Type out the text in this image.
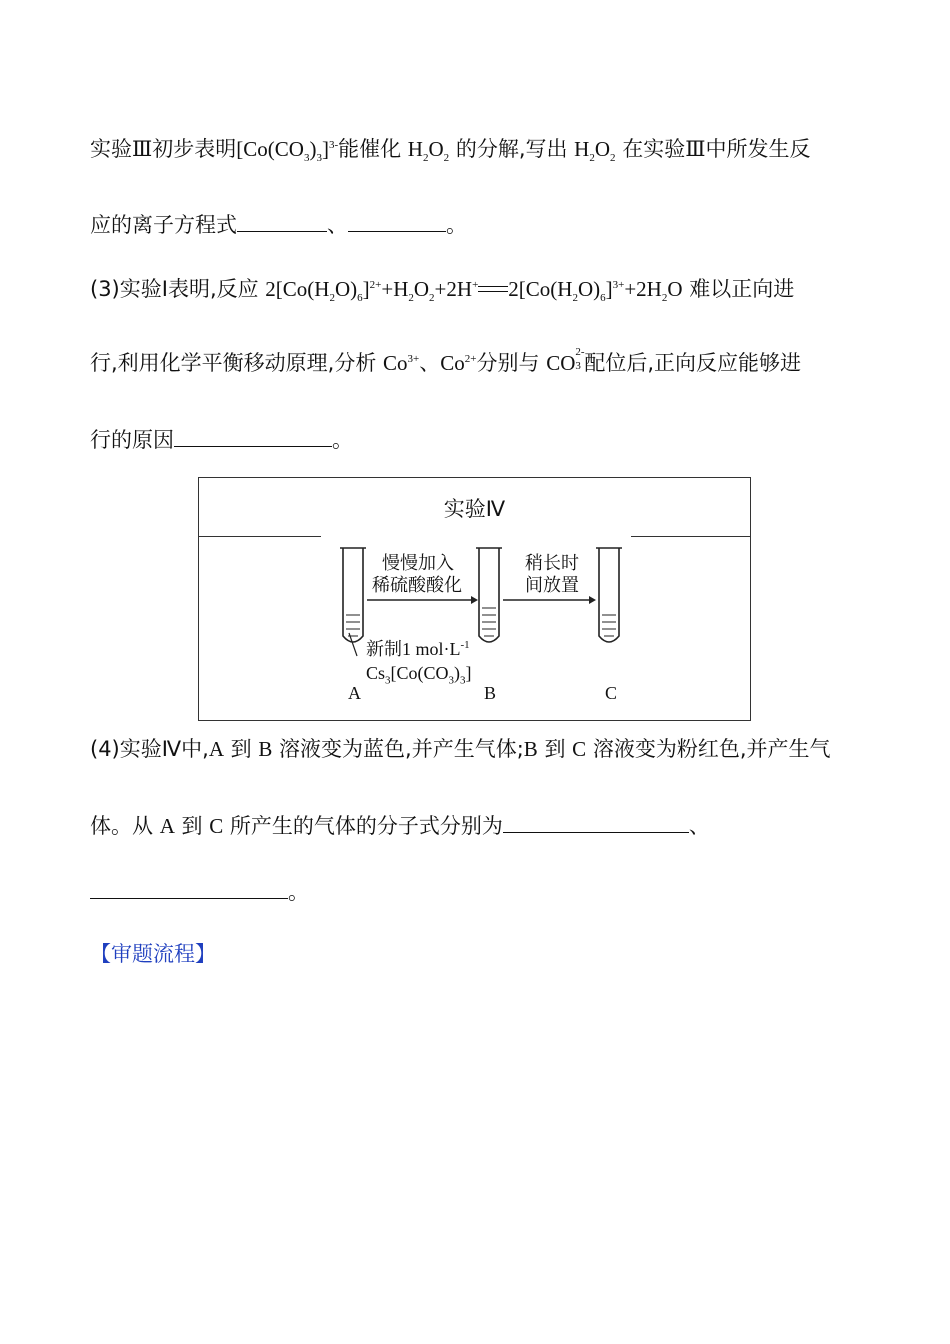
实验Ⅲ初步表明$[Co(CO_3)_3]^{3-}$能催化 $H_2O_2$ 的分解,写出 $H_2O_2$ 在实验Ⅲ中所发生反
应的离子方程式	、	。
(3)实验Ⅰ表明,反应 $2[Co(H_2O)_6]^{2+}+H_2O_2+2H^+$ $2[Co(H_2O)_6]^{3+}+2H_2O$ 难以正向进
行,利用化学平衡移动原理,分析 $Co^{3+}$、$Co^{2+}$分别与 CO 2-
3 配位后,正向反应能够进
行的原因	。
实验Ⅳ
慢慢加入
稀硫酸酸化
稍长时
间放置
新制1 $mol\cdot L^{-1}$
$Cs_3[Co(CO_3)_3]$
A	B	C
(4)实验Ⅳ中,A 到 B 溶液变为蓝色,并产生气体;B 到 C 溶液变为粉红色,并产生气
体。从 A 到 C 所产生的气体的分子式分别为	、
。
【审题流程】
